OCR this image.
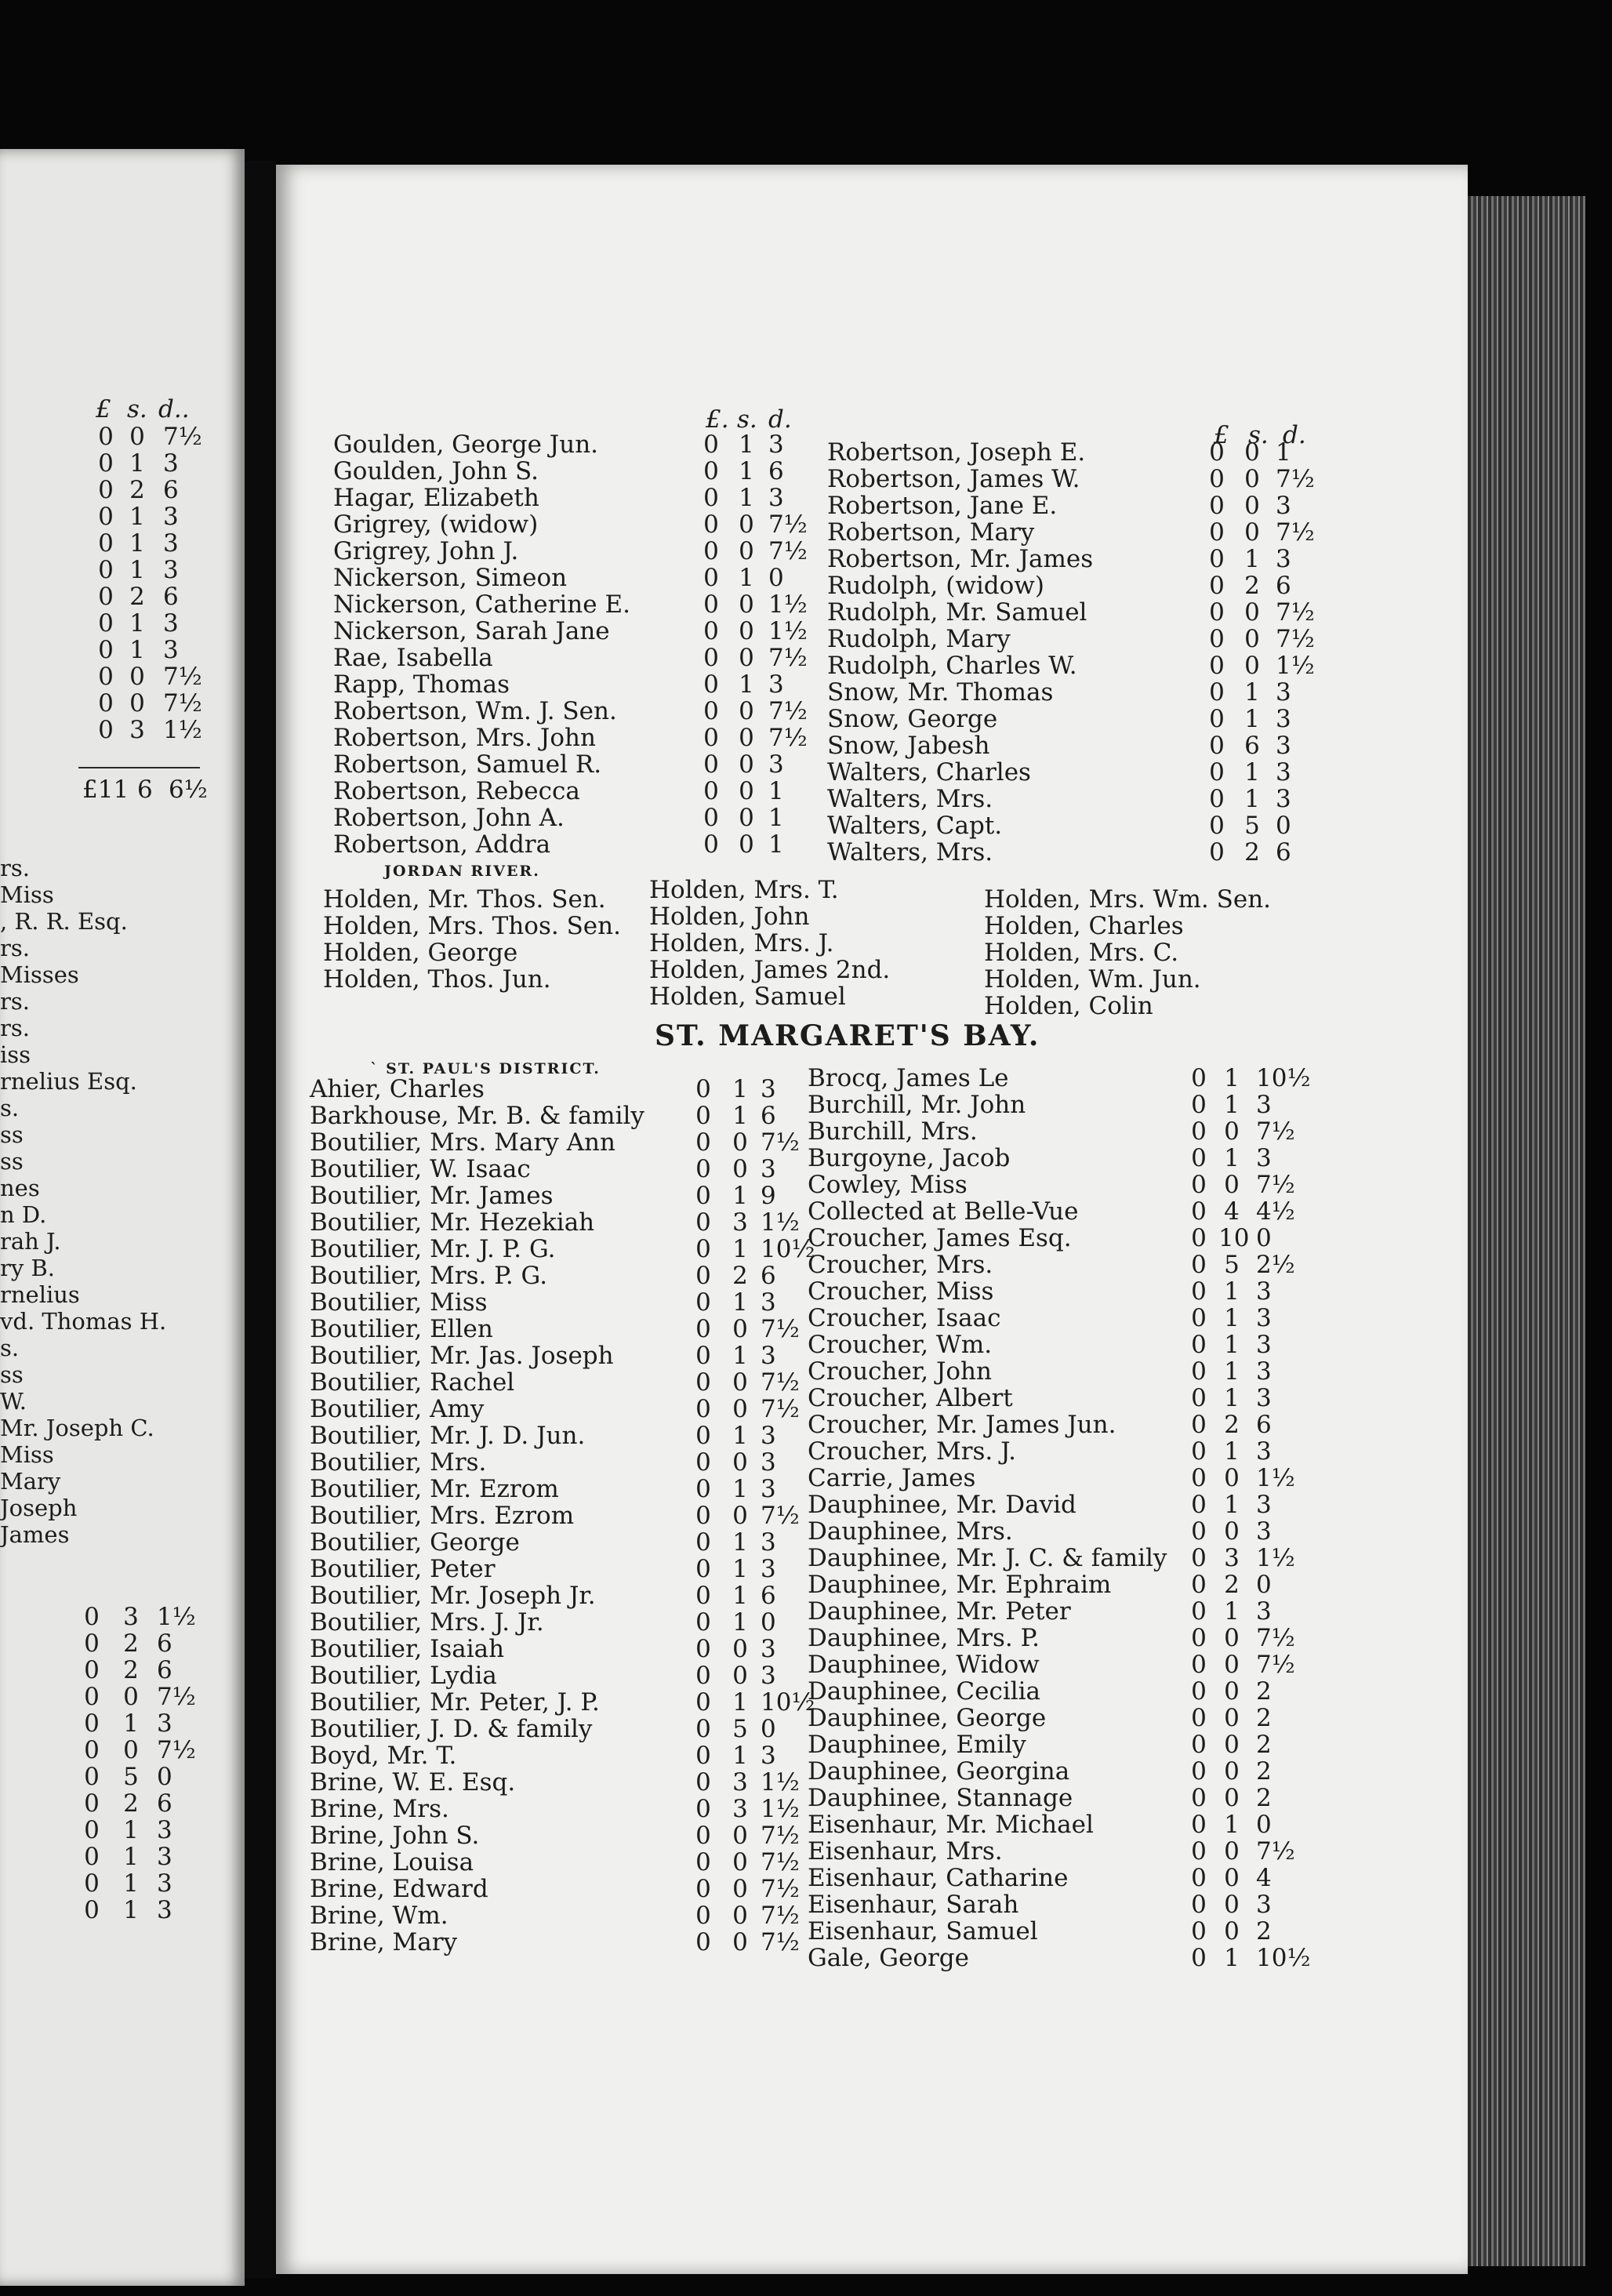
£ s. d..
0 0 7½
0 1 3
0 2 6
0 1 3
0 1 3
0 1 3
0 2 6
0 1 3
0 1 3
0 0 7½
0 0 7½
0 3 1½
£11 6 6½
rs.
Miss
, R. R. Esq.
rs.
Misses
rs.
rs.
iss
rnelius Esq.
s.
ss
ss
nes
n D.
rah J.
ry B.
rnelius
vd. Thomas H.
s.
ss
W.
Mr. Joseph C.
Miss
Mary
Joseph
James
0 3 1½
0 2 6
0 2 6
0 0 7½
0 1 3
0 0 7½
0 5 0
0 2 6
0 1 3
0 1 3
0 1 3
0 1 3
£. s. d.
£ s. d.
Goulden, George Jun.	0 1 3
Goulden, John S.	0 1 6
Hagar, Elizabeth	0 1 3
Grigrey, (widow)	0 0 7½
Grigrey, John J.	0 0 7½
Nickerson, Simeon	0 1 0
Nickerson, Catherine E.	0 0 1½
Nickerson, Sarah Jane	0 0 1½
Rae, Isabella	0 0 7½
Rapp, Thomas	0 1 3
Robertson, Wm. J. Sen.	0 0 7½
Robertson, Mrs. John	0 0 7½
Robertson, Samuel R.	0 0 3
Robertson, Rebecca	0 0 1
Robertson, John A.	0 0 1
Robertson, Addra	0 0 1
Robertson, Joseph E.	0 0 1
Robertson, James W.	0 0 7½
Robertson, Jane E.	0 0 3
Robertson, Mary	0 0 7½
Robertson, Mr. James	0 1 3
Rudolph, (widow)	0 2 6
Rudolph, Mr. Samuel	0 0 7½
Rudolph, Mary	0 0 7½
Rudolph, Charles W.	0 0 1½
Snow, Mr. Thomas	0 1 3
Snow, George	0 1 3
Snow, Jabesh	0 6 3
Walters, Charles	0 1 3
Walters, Mrs.	0 1 3
Walters, Capt.	0 5 0
Walters, Mrs.	0 2 6
JORDAN RIVER.
Holden, Mr. Thos. Sen.
Holden, Mrs. Thos. Sen.
Holden, George
Holden, Thos. Jun.
Holden, Mrs. T.
Holden, John
Holden, Mrs. J.
Holden, James 2nd.
Holden, Samuel
Holden, Mrs. Wm. Sen.
Holden, Charles
Holden, Mrs. C.
Holden, Wm. Jun.
Holden, Colin
ST. MARGARET'S BAY.
` ST. PAUL'S DISTRICT.
Ahier, Charles	0 1 3
Barkhouse, Mr. B. & family 0 1 6
Boutilier, Mrs. Mary Ann	0 0 7½
Boutilier, W. Isaac	0 0 3
Boutilier, Mr. James	0 1 9
Boutilier, Mr. Hezekiah	0 3 1½
Boutilier, Mr. J. P. G.	0 1 10½
Boutilier, Mrs. P. G.	0 2 6
Boutilier, Miss	0 1 3
Boutilier, Ellen	0 0 7½
Boutilier, Mr. Jas. Joseph	0 1 3
Boutilier, Rachel	0 0 7½
Boutilier, Amy	0 0 7½
Boutilier, Mr. J. D. Jun.	0 1 3
Boutilier, Mrs.	0 0 3
Boutilier, Mr. Ezrom	0 1 3
Boutilier, Mrs. Ezrom	0 0 7½
Boutilier, George	0 1 3
Boutilier, Peter	0 1 3
Boutilier, Mr. Joseph Jr.	0 1 6
Boutilier, Mrs. J. Jr.	0 1 0
Boutilier, Isaiah	0 0 3
Boutilier, Lydia	0 0 3
Boutilier, Mr. Peter, J. P.	0 1 10½
Boutilier, J. D. & family	0 5 0
Boyd, Mr. T.	0 1 3
Brine, W. E. Esq.	0 3 1½
Brine, Mrs.	0 3 1½
Brine, John S.	0 0 7½
Brine, Louisa	0 0 7½
Brine, Edward	0 0 7½
Brine, Wm.	0 0 7½
Brine, Mary	0 0 7½
Brocq, James Le	0 1 10½
Burchill, Mr. John	0 1 3
Burchill, Mrs.	0 0 7½
Burgoyne, Jacob	0 1 3
Cowley, Miss	0 0 7½
Collected at Belle-Vue	0 4 4½
Croucher, James Esq.	0 10 0
Croucher, Mrs.	0 5 2½
Croucher, Miss	0 1 3
Croucher, Isaac	0 1 3
Croucher, Wm.	0 1 3
Croucher, John	0 1 3
Croucher, Albert	0 1 3
Croucher, Mr. James Jun.	0 2 6
Croucher, Mrs. J.	0 1 3
Carrie, James	0 0 1½
Dauphinee, Mr. David	0 1 3
Dauphinee, Mrs.	0 0 3
Dauphinee, Mr. J. C. & family 0 3 1½
Dauphinee, Mr. Ephraim	0 2 0
Dauphinee, Mr. Peter	0 1 3
Dauphinee, Mrs. P.	0 0 7½
Dauphinee, Widow	0 0 7½
Dauphinee, Cecilia	0 0 2
Dauphinee, George	0 0 2
Dauphinee, Emily	0 0 2
Dauphinee, Georgina	0 0 2
Dauphinee, Stannage	0 0 2
Eisenhaur, Mr. Michael	0 1 0
Eisenhaur, Mrs.	0 0 7½
Eisenhaur, Catharine	0 0 4
Eisenhaur, Sarah	0 0 3
Eisenhaur, Samuel	0 0 2
Gale, George	0 1 10½
